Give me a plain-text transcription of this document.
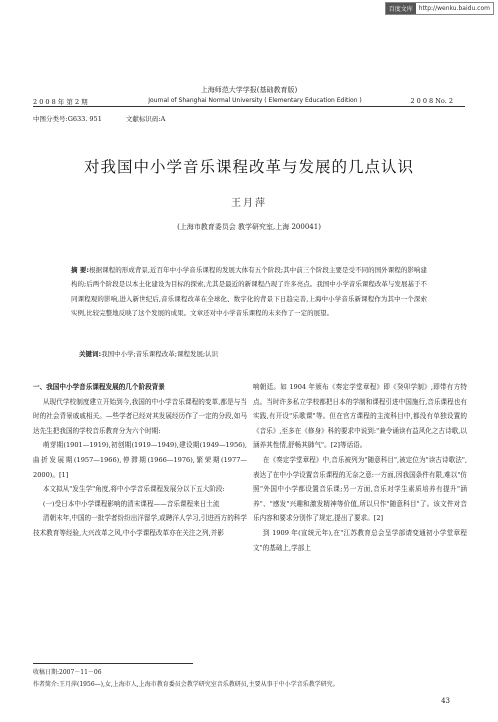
百度文库	http://wenku.baidu.com
上海师范大学学报(基础教育版)
2 0 0 8 年 第 2 期	Journal of Shanghai Normal University ( Elementary Education Edition )	2 0 0 8 No. 2
中图分类号:G633. 951	文献标识码:A
对我国中小学音乐课程改革与发展的几点认识
王月萍
(上海市教育委员会 教学研究室,上海 200041)
摘 要:根据课程的形成背景,近百年中小学音乐课程的发展大体有五个阶段;其中前三个阶段主要是受不同的国外课程的影响建构的;后两个阶段是以本土化建设为目标的探索,尤其是最近的新课程凸现了许多亮点。我国中小学音乐课程改革与发展基于不同课程观的影响,进入新世纪后,音乐课程改革在全球化、数字化的背景下日趋完善,上海中小学音乐新课程作为其中一个深索实例,比较完整地反映了这个发展的成果。文章还对中小学音乐课程的未来作了一定的展望。
关键词:我国中小学;音乐课程改革;课程发展;认识

一、我国中小学音乐课程发展的几个阶段背景

从现代学校制度建立开始到今,我国的中小学音乐课程的变革,都是与当时的社会背景戚戚相关。—些学者已经对其发展经历作了一定的分段,如马达先生把我国的学校音乐教育分为六个时期:

萌芽期(1901—1919),初创期(1919—1949),建设期(1949—1956),曲折发展期(1957—1966),停滞期(1966—1976),繁荣期(1977—2000)。[1]

本文拟从"发生学"角度,将中小学音乐课程发展分以下五大阶段:

(一)受日本中小学课程影响的清末课程——音乐课程来日土流

清朝末年,中国的一批学者纷纷出洋留学,或聘洋人学习,引进西方的科学技术教育等经验,大兴改革之风,中小学课程改革亦在关注之列,并影

响朝廷。如 1904 年颁布《奏定学堂章程》即《癸卯学制》,即带有方特点。当时许多私立学校都把日本的学制和课程引进中国施行,音乐课程也有实践,有开设"乐歌课"等。但在官方课程的主流科目中,都没有单独设置的《音乐》,至多在《修身》科的要求中说到:"兼令诵读有益风化之古诗歌,以涵养其性情,舒畅其肺气"。[2]等话语。

在《奏定学堂章程》中,音乐被列为"随意科目",被定位为"读古诗歌法",表达了在中小学设置音乐课程的无奈之意:一方面,因我国条件有限,难以"仿照"外国中小学都设置音乐课;另一方面,音乐对学生素质培养有提升"涵养"、"感发"兴趣和激发精神等价值,所以只作"随意科目"了。该文件对音乐内容和要求分别作了规定,提出了要求。[2]

到 1909 年(宣统元年),在"江苏教育总会呈学部请变通初小学堂章程文"的基础上,学部上

收稿日期:2007－11－06
作者简介:王月萍(1956—),女,上海市人,上海市教育委员会教学研究室音乐教研员,主要从事于中小学音乐教学研究。
43
